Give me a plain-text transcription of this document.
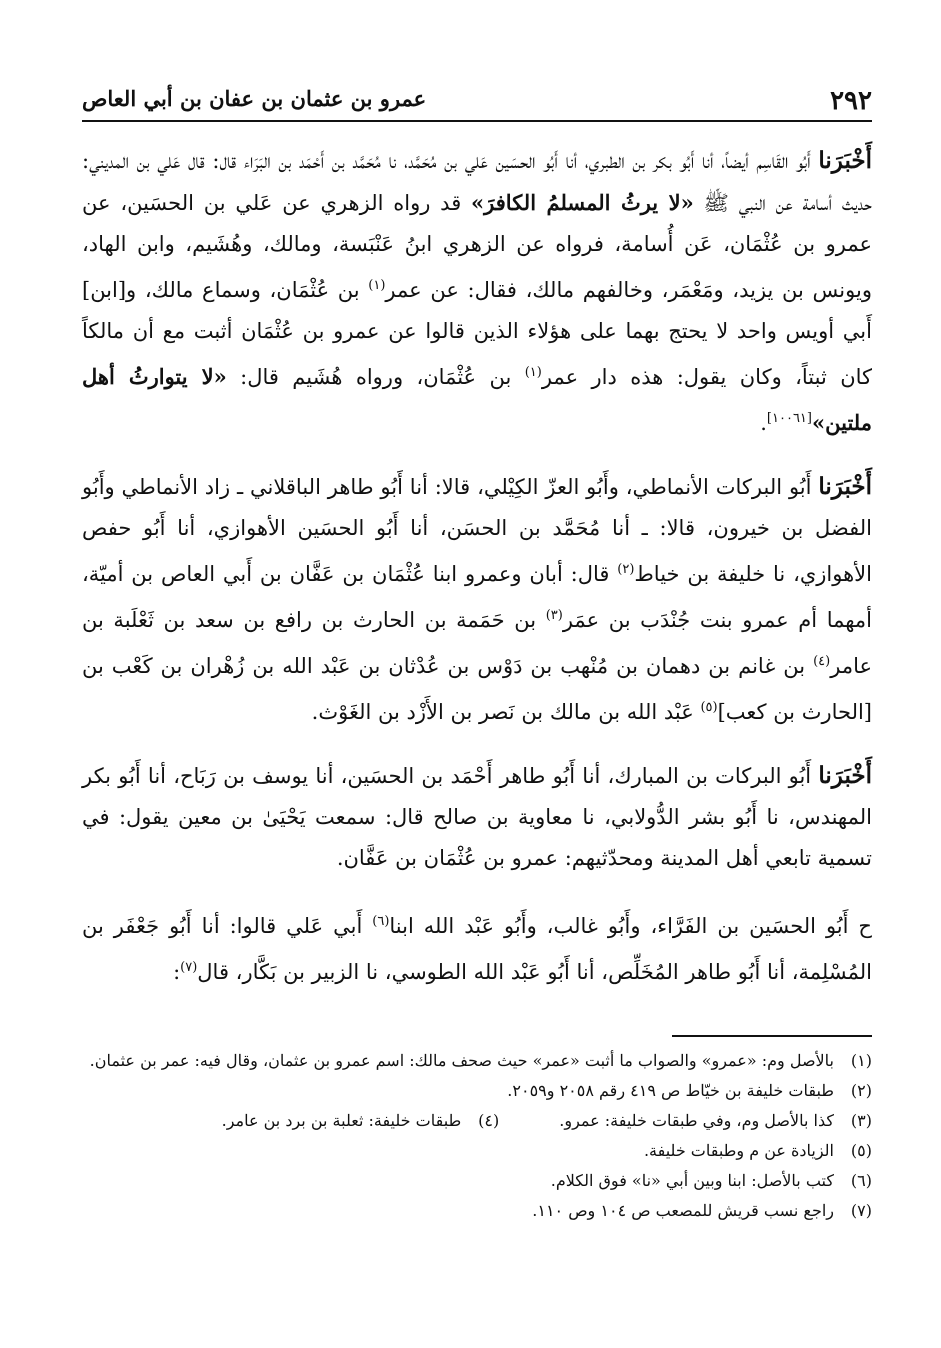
٢٩٢
عمرو بن عثمان بن عفان بن أبي العاص

أَخْبَرَنا أَبُو القَاسِم أيضاً، أنا أَبُو بكر بن الطبري، أنا أَبُو الحسَين عَلي بن مُحَمَّد، نا مُحَمَّد بن أَحْمَد بن البَرَاء قال: قال عَلي بن المديني: حديث أسامة عن النبي ﷺ «لا يرثُ المسلمُ الكافرَ» قد رواه الزهري عن عَلي بن الحسَين، عن عمرو بن عُثْمَان، عَن أُسامة، فرواه عن الزهري ابنُ عَنْبَسة، ومالك، وهُشَيم، وابن الهاد، ويونس بن يزيد، ومَعْمَر، وخالفهم مالك، فقال: عن عمر$^{(١)}$ بن عُثْمَان، وسماع مالك، و[ابن] أَبي أويس واحد لا يحتج بهما على هؤلاء الذين قالوا عن عمرو بن عُثْمَان أثبت مع أن مالكاً كان ثبتاً، وكان يقول: هذه دار عمر$^{(١)}$ بن عُثْمَان، ورواه هُشَيم قال: «لا يتوارثُ أهل ملتين»[١٠٠٦١].

أَخْبَرَنا أَبُو البركات الأنماطي، وأَبُو العزّ الكِيْلي، قالا: أنا أَبُو طاهر الباقلاني ـ زاد الأنماطي وأَبُو الفضل بن خيرون، قالا: ـ أنا مُحَمَّد بن الحسَن، أنا أَبُو الحسَين الأهوازي، أنا أَبُو حفص الأهوازي، نا خليفة بن خياط$^{(٢)}$ قال: أبان وعمرو ابنا عُثْمَان بن عَفَّان بن أَبي العاص بن أميّة، أمهما أم عمرو بنت جُنْدَب بن عمَر$^{(٣)}$ بن حَمَمة بن الحارث بن رافع بن سعد بن ثَعْلَبة بن عامر$^{(٤)}$ بن غانم بن دهمان بن مُنْهب بن دَوْس بن عُدْثان بن عَبْد الله بن زُهْران بن كَعْب بن [الحارث بن كعب]$^{(٥)}$ عَبْد الله بن مالك بن نَصر بن الأَزْد بن الغَوْث.

أَخْبَرَنا أَبُو البركات بن المبارك، أنا أَبُو طاهر أَحْمَد بن الحسَين، أنا يوسف بن رَبَاح، أنا أَبُو بكر المهندس، نا أَبُو بشر الدُّولابي، نا معاوية بن صالح قال: سمعت يَحْيَىٰ بن معين يقول: في تسمية تابعي أهل المدينة ومحدّثيهم: عمرو بن عُثْمَان بن عَفَّان.

ح أَبُو الحسَين بن الفَرَّاء، وأَبُو غالب، وأَبُو عَبْد الله ابنا$^{(٦)}$ أَبي عَلي قالوا: أنا أَبُو جَعْفَر بن المُسْلِمة، أنا أَبُو طاهر المُخَلِّص، أنا أَبُو عَبْد الله الطوسي، نا الزبير بن بَكَّار، قال$^{(٧)}$:

(١)
بالأصل وم: «عمرو» والصواب ما أثبت «عمر» حيث صحف مالك: اسم عمرو بن عثمان، وقال فيه: عمر بن عثمان.
(٢)
طبقات خليفة بن خيّاط ص ٤١٩ رقم ٢٠٥٨ و٢٠٥٩.
(٣)
كذا بالأصل وم، وفي طبقات خليفة: عمرو.
(٤)
طبقات خليفة: ثعلبة بن برد بن عامر.
(٥)
الزيادة عن م وطبقات خليفة.
(٦)
كتب بالأصل: ابنا وبين أبي «نا» فوق الكلام.
(٧)
راجع نسب قريش للمصعب ص ١٠٤ وص ١١٠.
